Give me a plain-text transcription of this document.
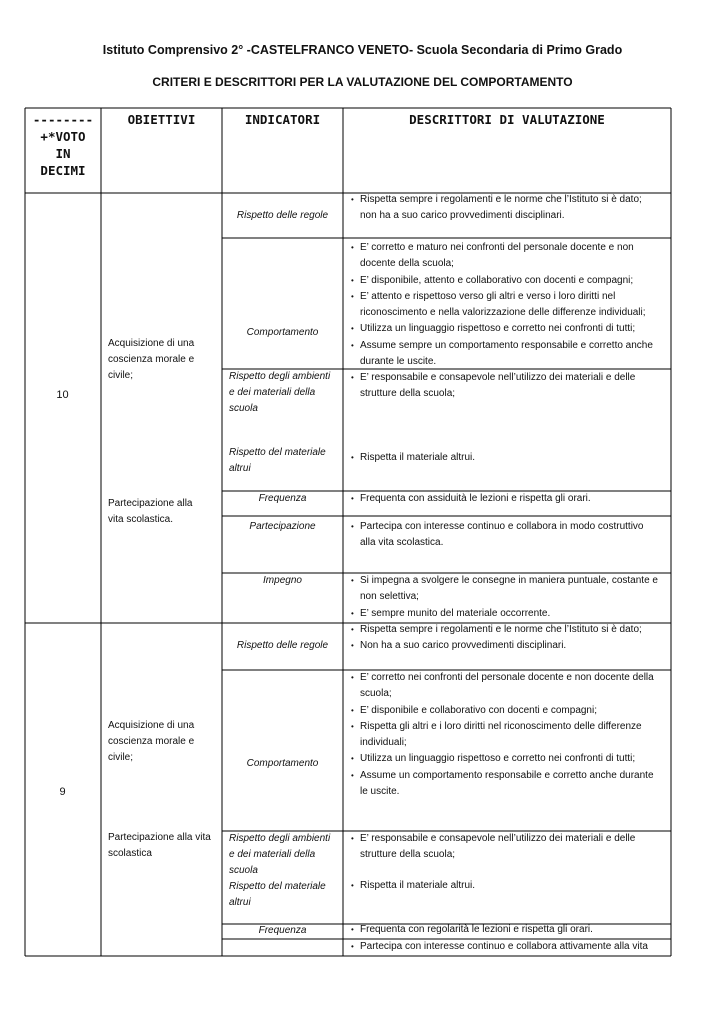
Istituto Comprensivo 2° -CASTELFRANCO VENETO- Scuola Secondaria di Primo Grado
CRITERI E DESCRITTORI PER LA VALUTAZIONE DEL COMPORTAMENTO
--------
+*VOTO
IN
DECIMI
OBIETTIVI	INDICATORI	DESCRITTORI DI VALUTAZIONE
10
Acquisizione di una
coscienza morale e
civile;
Partecipazione alla
vita scolastica.
Rispetto delle regole
Comportamento
Rispetto degli ambienti
e dei materiali della
scuola
Rispetto del materiale
altrui
Frequenza
Partecipazione
Impegno
• Rispetta sempre i regolamenti e le norme che l’Istituto si è dato;
non ha a suo carico provvedimenti disciplinari.
• E’ corretto e maturo nei confronti del personale docente e non
docente della scuola;
• E’ disponibile, attento e collaborativo con docenti e compagni;
• E’ attento e rispettoso verso gli altri e verso i loro diritti nel
riconoscimento e nella valorizzazione delle differenze individuali;
• Utilizza un linguaggio rispettoso e corretto nei confronti di tutti;
• Assume sempre un comportamento responsabile e corretto anche
durante le uscite.
• E’ responsabile e consapevole nell’utilizzo dei materiali e delle
strutture della scuola;
• Rispetta il materiale altrui.
• Frequenta con assiduità le lezioni e rispetta gli orari.
• Partecipa con interesse continuo e collabora in modo costruttivo
alla vita scolastica.
• Si impegna a svolgere le consegne in maniera puntuale, costante e
non selettiva;
• E’ sempre munito del materiale occorrente.
9
Acquisizione di una
coscienza morale e
civile;
Partecipazione alla vita
scolastica
Rispetto delle regole
Comportamento
Rispetto degli ambienti
e dei materiali della
scuola
Rispetto del materiale
altrui
Frequenza
• Rispetta sempre i regolamenti e le norme che l’Istituto si è dato;
• Non ha a suo carico provvedimenti disciplinari.
• E’ corretto nei confronti del personale docente e non docente della
scuola;
• E’ disponibile e collaborativo con docenti e compagni;
• Rispetta gli altri e i loro diritti nel riconoscimento delle differenze
individuali;
• Utilizza un linguaggio rispettoso e corretto nei confronti di tutti;
• Assume un comportamento responsabile e corretto anche durante
le uscite.
• E’ responsabile e consapevole nell’utilizzo dei materiali e delle
strutture della scuola;
• Rispetta il materiale altrui.
• Frequenta con regolarità le lezioni e rispetta gli orari.
• Partecipa con interesse continuo e collabora attivamente alla vita
